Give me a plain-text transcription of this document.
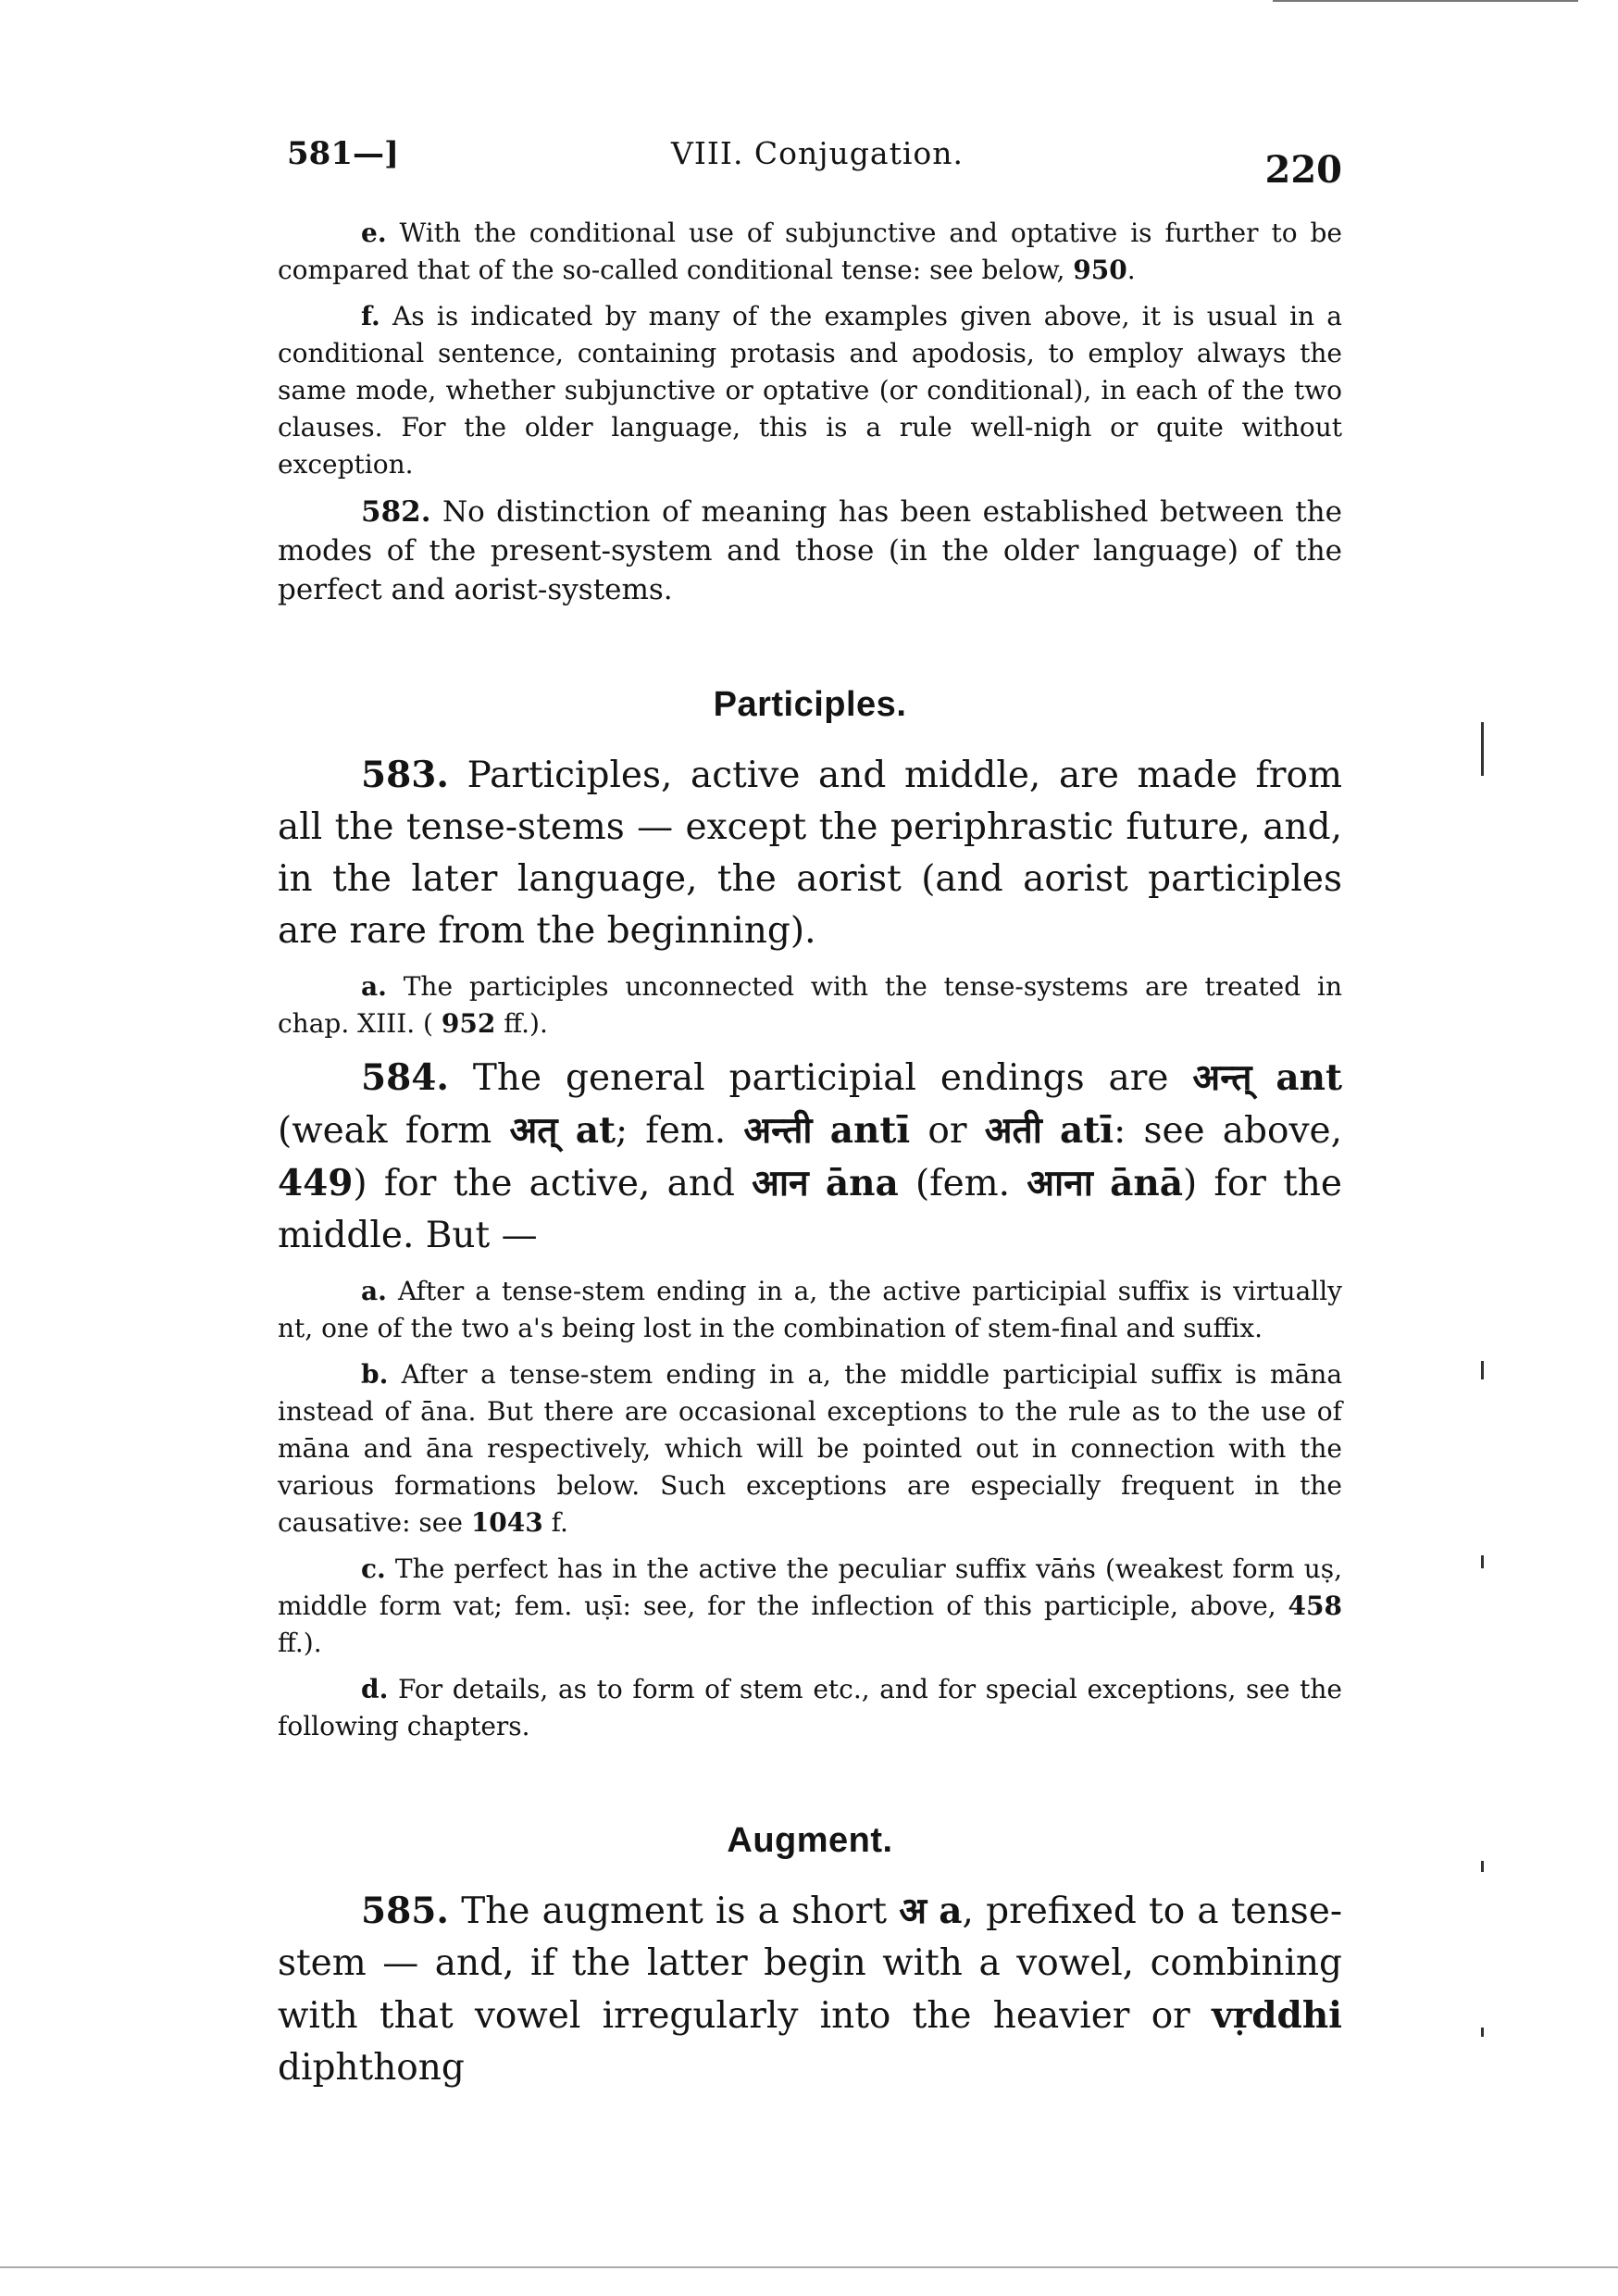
581—]	VIII. Conjugation.	220

e. With the conditional use of subjunctive and optative is further to be compared that of the so-called conditional tense: see below, 950.

f. As is indicated by many of the examples given above, it is usual in a conditional sentence, containing protasis and apodosis, to employ always the same mode, whether subjunctive or optative (or conditional), in each of the two clauses. For the older language, this is a rule well-nigh or quite without exception.

582. No distinction of meaning has been established between the modes of the present-system and those (in the older language) of the perfect and aorist-systems.

Participles.

583. Participles, active and middle, are made from all the tense-stems — except the periphrastic future, and, in the later language, the aorist (and aorist participles are rare from the beginning).

a. The participles unconnected with the tense-systems are treated in chap. XIII. ( 952 ff.).

584. The general participial endings are अन्त् ant (weak form अत् at; fem. अन्ती antī or अती atī: see above, 449) for the active, and आन āna (fem. आना ānā) for the middle. But —

a. After a tense-stem ending in a, the active participial suffix is virtually nt, one of the two a's being lost in the combination of stem-final and suffix.

b. After a tense-stem ending in a, the middle participial suffix is māna instead of āna. But there are occasional exceptions to the rule as to the use of māna and āna respectively, which will be pointed out in connection with the various formations below. Such exceptions are especially frequent in the causative: see 1043 f.

c. The perfect has in the active the peculiar suffix vāṅs (weakest form uṣ, middle form vat; fem. uṣī: see, for the inflection of this participle, above, 458 ff.).

d. For details, as to form of stem etc., and for special exceptions, see the following chapters.

Augment.

585. The augment is a short अ a, prefixed to a tense-stem — and, if the latter begin with a vowel, combining with that vowel irregularly into the heavier or vṛddhi diphthong
